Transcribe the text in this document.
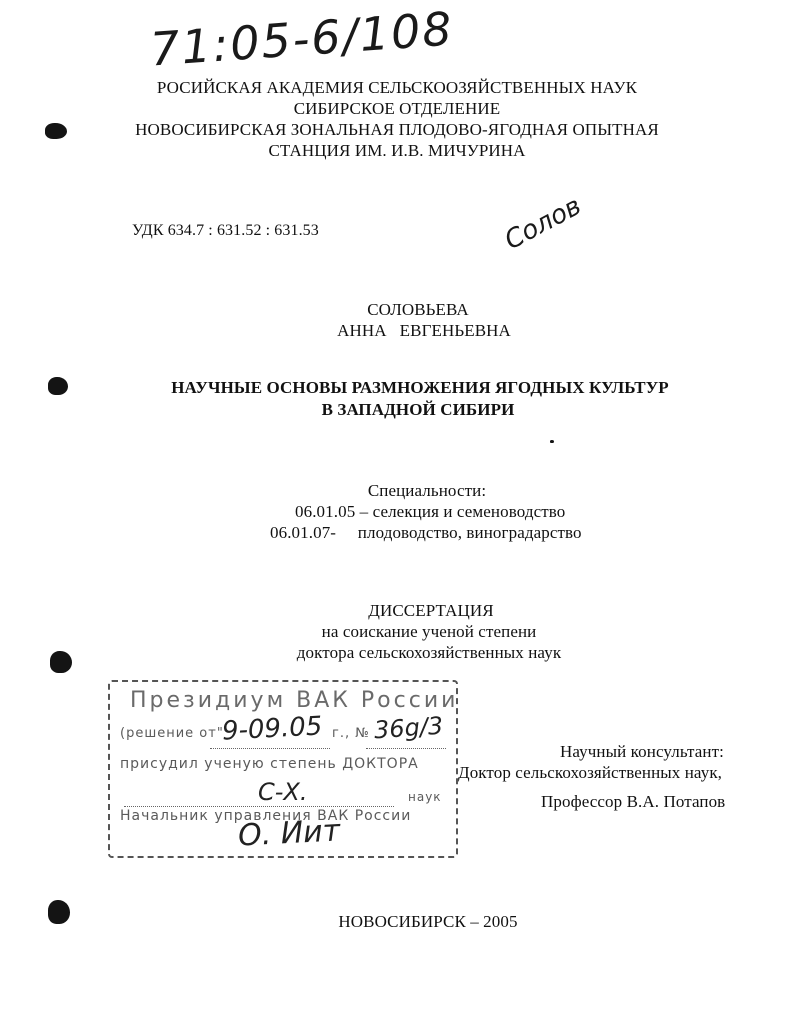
71:05-6/108
РОСИЙСКАЯ АКАДЕМИЯ СЕЛЬСКООЗЯЙСТВЕННЫХ НАУК
СИБИРСКОЕ ОТДЕЛЕНИЕ
НОВОСИБИРСКАЯ ЗОНАЛЬНАЯ ПЛОДОВО-ЯГОДНАЯ ОПЫТНАЯ
СТАНЦИЯ ИМ. И.В. МИЧУРИНА
УДК 634.7 : 631.52 : 631.53	Солов
СОЛОВЬЕВА
АННА   ЕВГЕНЬЕВНА
НАУЧНЫЕ ОСНОВЫ РАЗМНОЖЕНИЯ ЯГОДНЫХ КУЛЬТУР
В ЗАПАДНОЙ СИБИРИ
Специальности:
06.01.05 – селекция и семеноводство
06.01.07-     плодоводство, виноградарство
ДИССЕРТАЦИЯ
на соискание ученой степени
доктора сельскохозяйственных наук
Президиум ВАК России
(решение от"
9-09.05 г., № 36g/3
присудил ученую степень ДОКТОРА
С-Х.	наук
Начальник управления ВАК России
О. Иит
Научный консультант:
Доктор сельскохозяйственных наук,
Профессор В.А. Потапов
НОВОСИБИРСК – 2005
